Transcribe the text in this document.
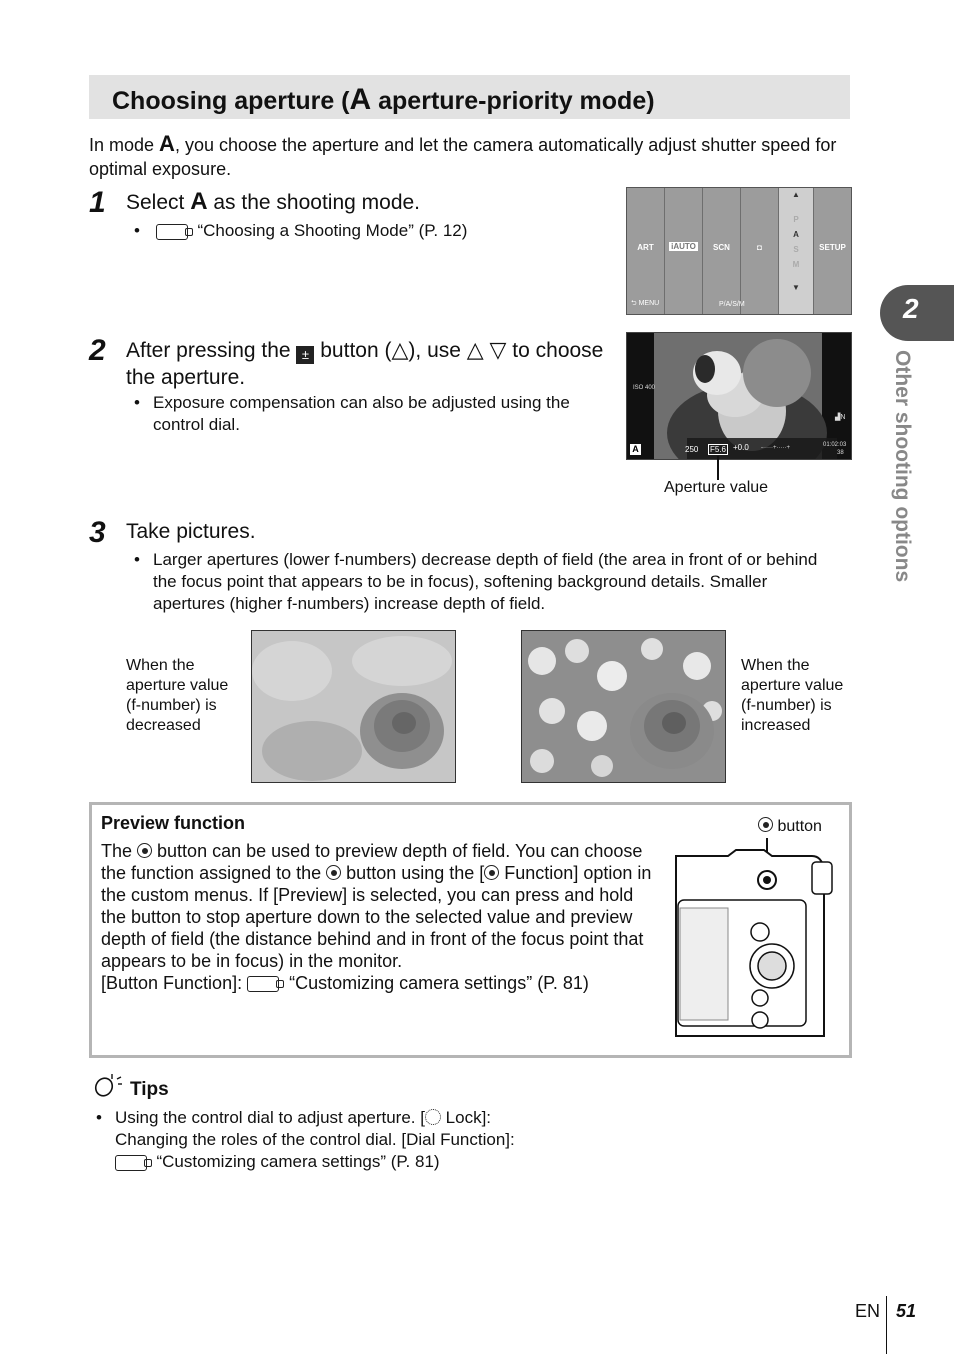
Choosing aperture (A aperture-priority mode)
In mode A, you choose the aperture and let the camera automatically adjust shutter speed for optimal exposure.
1 Select A as the shooting mode.
•	“Choosing a Shooting Mode” (P. 12)
ART	iAUTO	SCN	◘
▲
P
A
S
M
▼
SETUP
⮌ MENU	P/A/S/M
2 After pressing the ± button (△), use △ ▽ to choose the aperture.
• Exposure compensation can also be adjusted using the control dial.
ISO 400
A	250 F5.6 +0.0 -·····+·····+	01:02:03
38
▟N
Aperture value
3 Take pictures.
• Larger apertures (lower f-numbers) decrease depth of field (the area in front of or behind the focus point that appears to be in focus), softening background details. Smaller apertures (higher f-numbers) increase depth of field.
When the aperture value (f-number) is decreased
When the aperture value (f-number) is increased
Preview function
The  button can be used to preview depth of field. You can choose the function assigned to the  button using the [ Function] option in the custom menus. If [Preview] is selected, you can press and hold the button to stop aperture down to the selected value and preview depth of field (the distance behind and in front of the focus point that appears to be in focus) in the monitor.
[Button Function]:   “Customizing camera settings” (P. 81)
button
Tips
• Using the control dial to adjust aperture. [ Lock]:
Changing the roles of the control dial. [Dial Function]:
“Customizing camera settings” (P. 81)
2
Other shooting options
EN 51
